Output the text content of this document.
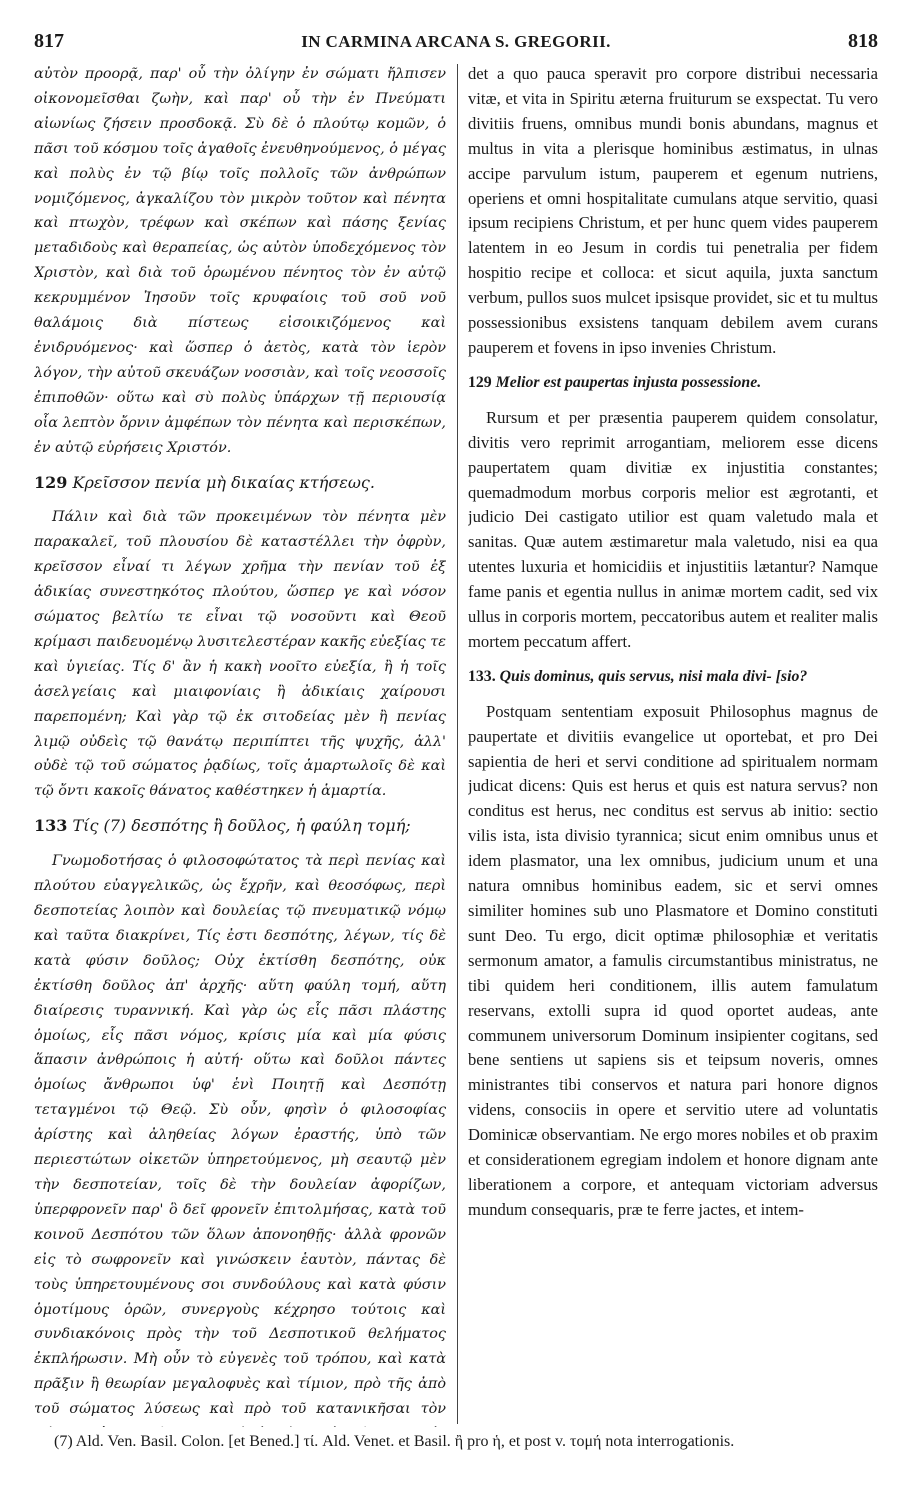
817	IN CARMINA ARCANA S. GREGORII.	818

αὐτὸν προορᾷ, παρ' οὗ τὴν ὀλίγην ἐν σώματι ἤλπισεν οἰκονομεῖσθαι ζωὴν, καὶ παρ' οὗ τὴν ἐν Πνεύματι αἰωνίως ζήσειν προσδοκᾷ. Σὺ δὲ ὁ πλούτῳ κομῶν, ὁ πᾶσι τοῦ κόσμου τοῖς ἀγαθοῖς ἐνευθηνούμενος, ὁ μέγας καὶ πολὺς ἐν τῷ βίῳ τοῖς πολλοῖς τῶν ἀνθρώπων νομιζόμενος, ἀγκαλίζου τὸν μικρὸν τοῦτον καὶ πένητα καὶ πτωχὸν, τρέφων καὶ σκέπων καὶ πάσης ξενίας μεταδιδοὺς καὶ θεραπείας, ὡς αὐτὸν ὑποδεχόμενος τὸν Χριστὸν, καὶ διὰ τοῦ ὁρωμένου πένητος τὸν ἐν αὐτῷ κεκρυμμένον Ἰησοῦν τοῖς κρυφαίοις τοῦ σοῦ νοῦ θαλάμοις διὰ πίστεως εἰσοικιζόμενος καὶ ἐνιδρυόμενος· καὶ ὥσπερ ὁ ἀετὸς, κατὰ τὸν ἱερὸν λόγον, τὴν αὐτοῦ σκευάζων νοσσιὰν, καὶ τοῖς νεοσσοῖς ἐπιποθῶν· οὕτω καὶ σὺ πολὺς ὑπάρχων τῇ περιουσίᾳ οἷα λεπτὸν ὄρνιν ἀμφέπων τὸν πένητα καὶ περισκέπων, ἐν αὐτῷ εὑρήσεις Χριστόν.

129 Κρεῖσσον πενία μὴ δικαίας κτήσεως.

Πάλιν καὶ διὰ τῶν προκειμένων τὸν πένητα μὲν παρακαλεῖ, τοῦ πλουσίου δὲ καταστέλλει τὴν ὀφρὺν, κρεῖσσον εἶναί τι λέγων χρῆμα τὴν πενίαν τοῦ ἐξ ἀδικίας συνεστηκότος πλούτου, ὥσπερ γε καὶ νόσον σώματος βελτίω τε εἶναι τῷ νοσοῦντι καὶ Θεοῦ κρίμασι παιδευομένῳ λυσιτελεστέραν κακῆς εὐεξίας τε καὶ ὑγιείας. Τίς δ' ἂν ἡ κακὴ νοοῖτο εὐεξία, ἢ ἡ τοῖς ἀσελγείαις καὶ μιαιφονίαις ἢ ἀδικίαις χαίρουσι παρεπομένη; Καὶ γὰρ τῷ ἐκ σιτοδείας μὲν ἢ πενίας λιμῷ οὐδεὶς τῷ θανάτῳ περιπίπτει τῆς ψυχῆς, ἀλλ' οὐδὲ τῷ τοῦ σώματος ῥᾳδίως, τοῖς ἁμαρτωλοῖς δὲ καὶ τῷ ὄντι κακοῖς θάνατος καθέστηκεν ἡ ἁμαρτία.

133 Τίς (7) δεσπότης ἢ δοῦλος, ἡ φαύλη τομή;

Γνωμοδοτήσας ὁ φιλοσοφώτατος τὰ περὶ πενίας καὶ πλούτου εὐαγγελικῶς, ὡς ἔχρῆν, καὶ θεοσόφως, περὶ δεσποτείας λοιπὸν καὶ δουλείας τῷ πνευματικῷ νόμῳ καὶ ταῦτα διακρίνει, Τίς ἐστι δεσπότης, λέγων, τίς δὲ κατὰ φύσιν δοῦλος; Οὐχ ἐκτίσθη δεσπότης, οὐκ ἐκτίσθη δοῦλος ἀπ' ἀρχῆς· αὕτη φαύλη τομή, αὕτη διαίρεσις τυραννική. Καὶ γὰρ ὡς εἷς πᾶσι πλάστης ὁμοίως, εἷς πᾶσι νόμος, κρίσις μία καὶ μία φύσις ἅπασιν ἀνθρώποις ἡ αὐτή· οὕτω καὶ δοῦλοι πάντες ὁμοίως ἄνθρωποι ὑφ' ἑνὶ Ποιητῇ καὶ Δεσπότῃ τεταγμένοι τῷ Θεῷ. Σὺ οὖν, φησὶν ὁ φιλοσοφίας ἀρίστης καὶ ἀληθείας λόγων ἐραστής, ὑπὸ τῶν περιεστώτων οἰκετῶν ὑπηρετούμενος, μὴ σεαυτῷ μὲν τὴν δεσποτείαν, τοῖς δὲ τὴν δουλείαν ἀφορίζων, ὑπερφρονεῖν παρ' ὃ δεῖ φρονεῖν ἐπιτολμήσας, κατὰ τοῦ κοινοῦ Δεσπότου τῶν ὅλων ἀπονοηθῇς· ἀλλὰ φρονῶν εἰς τὸ σωφρονεῖν καὶ γινώσκειν ἑαυτὸν, πάντας δὲ τοὺς ὑπηρετουμένους σοι συνδούλους καὶ κατὰ φύσιν ὁμοτίμους ὁρῶν, συνεργοὺς κέχρησο τούτοις καὶ συνδιακόνοις πρὸς τὴν τοῦ Δεσποτικοῦ θελήματος ἐκπλήρωσιν. Μὴ οὖν τὸ εὐγενὲς τοῦ τρόπου, καὶ κατὰ πρᾶξιν ἢ θεωρίαν μεγαλοφυὲς καὶ τίμιον, πρὸ τῆς ἀπὸ τοῦ σώματος λύσεως καὶ πρὸ τοῦ κατανικῆσαι τὸν

det a quo pauca speravit pro corpore distribui necessaria vitæ, et vita in Spiritu æterna fruiturum se exspectat. Tu vero divitiis fruens, omnibus mundi bonis abundans, magnus et multus in vita a plerisque hominibus æstimatus, in ulnas accipe parvulum istum, pauperem et egenum nutriens, operiens et omni hospitalitate cumulans atque servitio, quasi ipsum recipiens Christum, et per hunc quem vides pauperem latentem in eo Jesum in cordis tui penetralia per fidem hospitio recipe et colloca: et sicut aquila, juxta sanctum verbum, pullos suos mulcet ipsisque providet, sic et tu multus possessionibus exsistens tanquam debilem avem curans pauperem et fovens in ipso invenies Christum.

129 Melior est paupertas injusta possessione.

Rursum et per præsentia pauperem quidem consolatur, divitis vero reprimit arrogantiam, meliorem esse dicens paupertatem quam divitiæ ex injustitia constantes; quemadmodum morbus corporis melior est ægrotanti, et judicio Dei castigato utilior est quam valetudo mala et sanitas. Quæ autem æstimaretur mala valetudo, nisi ea qua utentes luxuria et homicidiis et injustitiis lætantur? Namque fame panis et egentia nullus in animæ mortem cadit, sed vix ullus in corporis mortem, peccatoribus autem et realiter malis mortem peccatum affert.

133. Quis dominus, quis servus, nisi mala divi- [sio?

Postquam sententiam exposuit Philosophus magnus de paupertate et divitiis evangelice ut oportebat, et pro Dei sapientia de heri et servi conditione ad spiritualem normam judicat dicens: Quis est herus et quis est natura servus? non conditus est herus, nec conditus est servus ab initio: sectio vilis ista, ista divisio tyrannica; sicut enim omnibus unus et idem plasmator, una lex omnibus, judicium unum et una natura omnibus hominibus eadem, sic et servi omnes similiter homines sub uno Plasmatore et Domino constituti sunt Deo. Tu ergo, dicit optimæ philosophiæ et veritatis sermonum amator, a famulis circumstantibus ministratus, ne tibi quidem heri conditionem, illis autem famulatum reservans, extolli supra id quod oportet audeas, ante communem universorum Dominum insipienter cogitans, sed bene sentiens ut sapiens sis et teipsum noveris, omnes ministrantes tibi conservos et natura pari honore dignos videns, consociis in opere et servitio utere ad voluntatis Dominicæ observantiam. Ne ergo mores nobiles et ob praxim et considerationem egregiam indolem et honore dignam ante liberationem a corpore, et antequam victoriam adversus mundum consequaris, præ te ferre jactes, et intem-

(7) Ald. Ven. Basil. Colon. [et Bened.] τί. Ald. Venet. et Basil. ἢ pro ἡ, et post v. τομή nota interrogationis.
